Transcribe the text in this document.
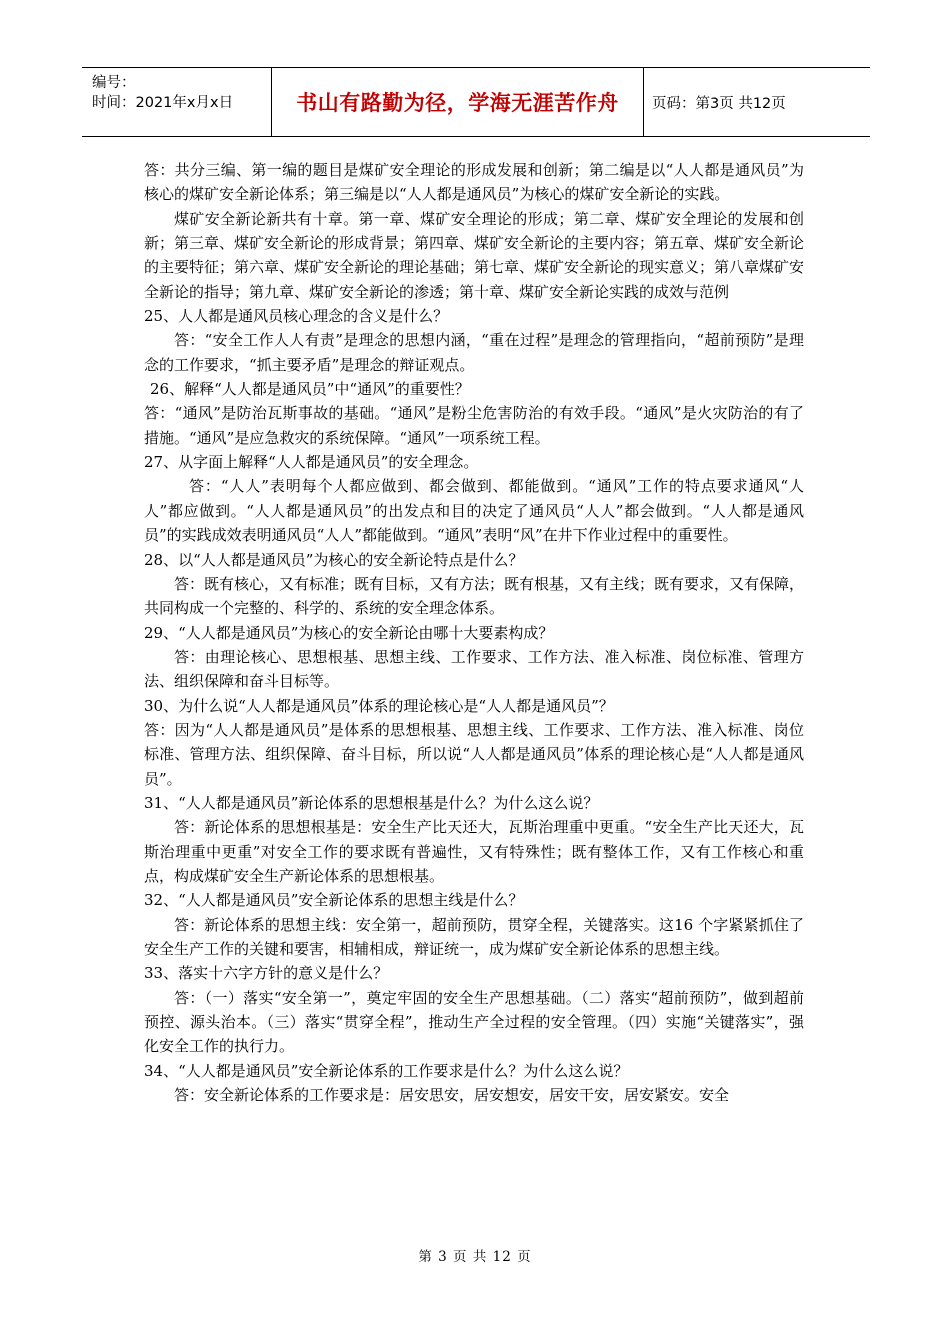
编号：
时间：2021年x月x日	书山有路勤为径，学海无涯苦作舟 页码：第3页 共12页

答：共分三编、第一编的题目是煤矿安全理论的形成发展和创新；第二编是以“人人都是通风员”为核心的煤矿安全新论体系；第三编是以“人人都是通风员”为核心的煤矿安全新论的实践。

煤矿安全新论新共有十章。第一章、煤矿安全理论的形成；第二章、煤矿安全理论的发展和创新；第三章、煤矿安全新论的形成背景；第四章、煤矿安全新论的主要内容；第五章、煤矿安全新论的主要特征；第六章、煤矿安全新论的理论基础；第七章、煤矿安全新论的现实意义；第八章煤矿安全新论的指导；第九章、煤矿安全新论的渗透；第十章、煤矿安全新论实践的成效与范例

25、人人都是通风员核心理念的含义是什么？

答：“安全工作人人有责”是理念的思想内涵，“重在过程”是理念的管理指向，“超前预防”是理念的工作要求，“抓主要矛盾”是理念的辩证观点。

26、解释“人人都是通风员”中“通风”的重要性？

答：“通风”是防治瓦斯事故的基础。“通风”是粉尘危害防治的有效手段。“通风”是火灾防治的有了措施。“通风”是应急救灾的系统保障。“通风”一项系统工程。

27、从字面上解释“人人都是通风员”的安全理念。

答：“人人”表明每个人都应做到、都会做到、都能做到。“通风”工作的特点要求通风“人人”都应做到。“人人都是通风员”的出发点和目的决定了通风员“人人”都会做到。“人人都是通风员”的实践成效表明通风员“人人”都能做到。“通风”表明“风”在井下作业过程中的重要性。

28、以“人人都是通风员”为核心的安全新论特点是什么？

答：既有核心，又有标准；既有目标，又有方法；既有根基，又有主线；既有要求，又有保障，共同构成一个完整的、科学的、系统的安全理念体系。

29、“人人都是通风员”为核心的安全新论由哪十大要素构成？

答：由理论核心、思想根基、思想主线、工作要求、工作方法、准入标准、岗位标准、管理方法、组织保障和奋斗目标等。

30、为什么说“人人都是通风员”体系的理论核心是“人人都是通风员”？

答：因为“人人都是通风员”是体系的思想根基、思想主线、工作要求、工作方法、准入标准、岗位标准、管理方法、组织保障、奋斗目标，所以说“人人都是通风员”体系的理论核心是“人人都是通风员”。

31、“人人都是通风员”新论体系的思想根基是什么？为什么这么说？

答：新论体系的思想根基是：安全生产比天还大，瓦斯治理重中更重。“安全生产比天还大，瓦斯治理重中更重”对安全工作的要求既有普遍性，又有特殊性；既有整体工作，又有工作核心和重点，构成煤矿安全生产新论体系的思想根基。

32、“人人都是通风员”安全新论体系的思想主线是什么？

答：新论体系的思想主线：安全第一，超前预防，贯穿全程，关键落实。这16 个字紧紧抓住了安全生产工作的关键和要害，相辅相成，辩证统一，成为煤矿安全新论体系的思想主线。

33、落实十六字方针的意义是什么？

答：（一）落实“安全第一”，奠定牢固的安全生产思想基础。（二）落实“超前预防”，做到超前预控、源头治本。（三）落实“贯穿全程”，推动生产全过程的安全管理。（四）实施“关键落实”，强化安全工作的执行力。

34、“人人都是通风员”安全新论体系的工作要求是什么？为什么这么说？

答：安全新论体系的工作要求是：居安思安，居安想安，居安干安，居安紧安。安全

第 3 页 共 12 页
